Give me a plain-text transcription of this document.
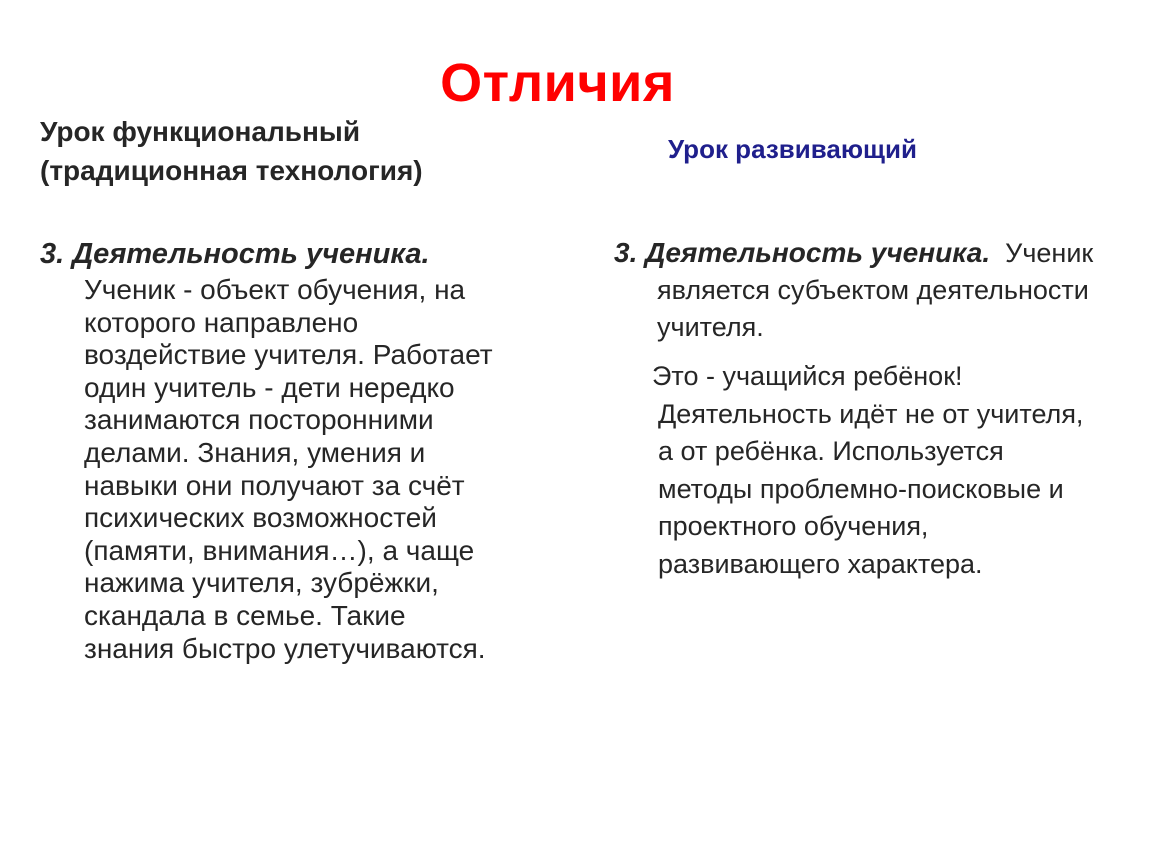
Отличия
Урок функциональный
(традиционная технология)
Урок развивающий
3. Деятельность ученика.
Ученик - объект обучения, на
которого направлено
воздействие учителя. Работает
один учитель - дети нередко
занимаются посторонними
делами. Знания, умения и
навыки они получают за счёт
психических возможностей
(памяти, внимания…), а чаще
нажима учителя, зубрёжки,
скандала в семье. Такие
знания быстро улетучиваются.
3. Деятельность ученика. Ученик
является субъектом деятельности
учителя.
Это - учащийся ребёнок!
Деятельность идёт не от учителя,
а от ребёнка. Используется
методы проблемно-поисковые и
проектного обучения,
развивающего характера.
